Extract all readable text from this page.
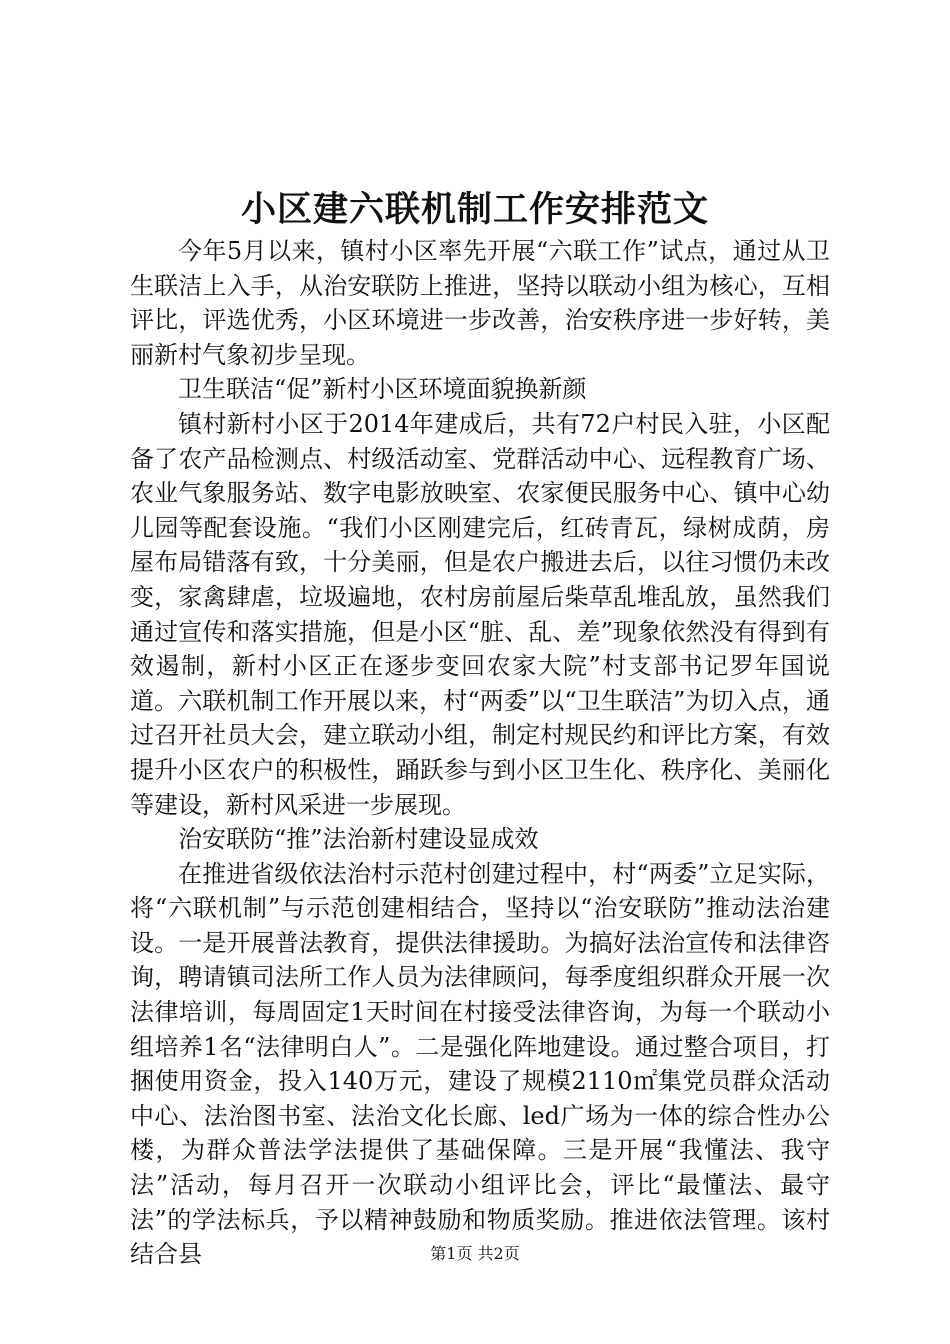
小区建六联机制工作安排范文

今年5月以来，镇村小区率先开展“六联工作”试点，通过从卫生联洁上入手，从治安联防上推进，坚持以联动小组为核心，互相评比，评选优秀，小区环境进一步改善，治安秩序进一步好转，美丽新村气象初步呈现。

卫生联洁“促”新村小区环境面貌换新颜

镇村新村小区于2014年建成后，共有72户村民入驻，小区配备了农产品检测点、村级活动室、党群活动中心、远程教育广场、农业气象服务站、数字电影放映室、农家便民服务中心、镇中心幼儿园等配套设施。“我们小区刚建完后，红砖青瓦，绿树成荫，房屋布局错落有致，十分美丽，但是农户搬进去后，以往习惯仍未改变，家禽肆虐，垃圾遍地，农村房前屋后柴草乱堆乱放，虽然我们通过宣传和落实措施，但是小区“脏、乱、差”现象依然没有得到有效遏制，新村小区正在逐步变回农家大院”村支部书记罗年国说道。六联机制工作开展以来，村“两委”以“卫生联洁”为切入点，通过召开社员大会，建立联动小组，制定村规民约和评比方案，有效提升小区农户的积极性，踊跃参与到小区卫生化、秩序化、美丽化等建设，新村风采进一步展现。

治安联防“推”法治新村建设显成效

在推进省级依法治村示范村创建过程中，村“两委”立足实际，将“六联机制”与示范创建相结合，坚持以“治安联防”推动法治建设。一是开展普法教育，提供法律援助。为搞好法治宣传和法律咨询，聘请镇司法所工作人员为法律顾问，每季度组织群众开展一次法律培训，每周固定1天时间在村接受法律咨询，为每一个联动小组培养1名“法律明白人”。二是强化阵地建设。通过整合项目，打捆使用资金，投入140万元，建设了规模2110㎡集党员群众活动中心、法治图书室、法治文化长廊、led广场为一体的综合性办公楼，为群众普法学法提供了基础保障。三是开展“我懂法、我守法”活动，每月召开一次联动小组评比会，评比“最懂法、最守法”的学法标兵，予以精神鼓励和物质奖励。推进依法管理。该村结合县	第1页 共2页
